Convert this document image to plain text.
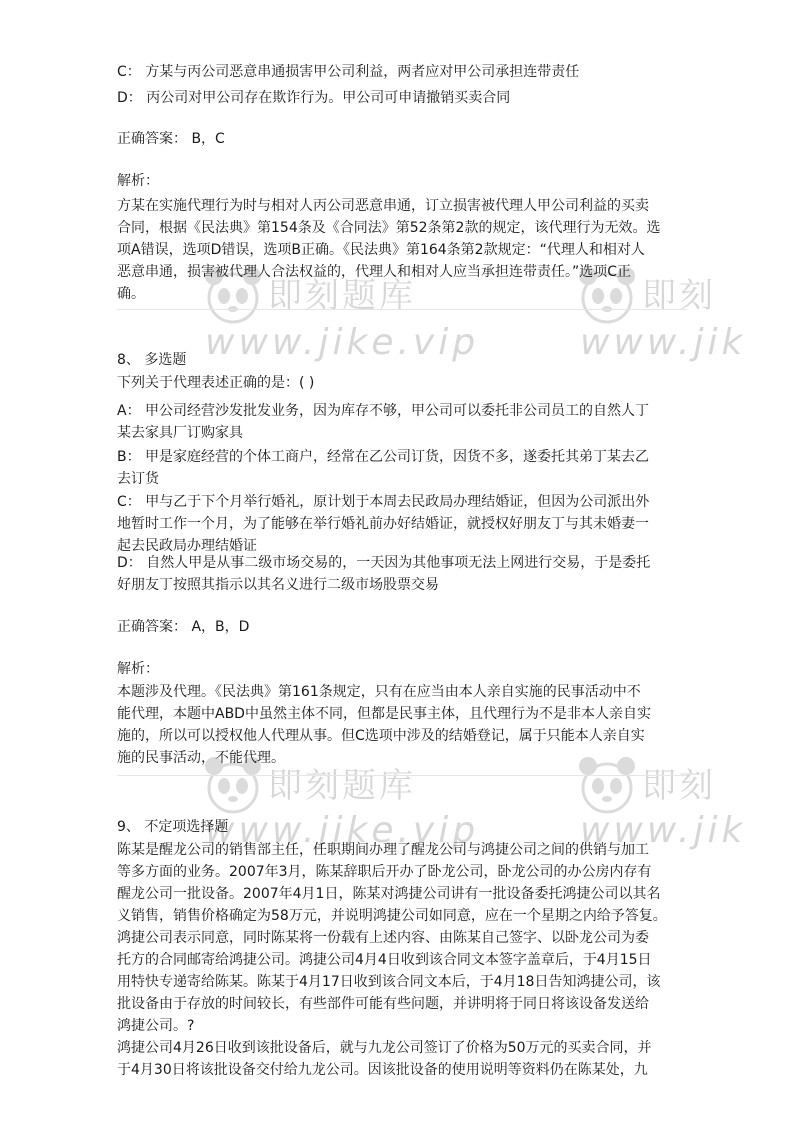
即刻题库
www.jike.vip
即刻
www.jik
即刻题库
www.jike.vip
即刻
www.jik
C： 方某与丙公司恶意串通损害甲公司利益，两者应对甲公司承担连带责任
D： 丙公司对甲公司存在欺诈行为。甲公司可申请撤销买卖合同
正确答案： B，C
解析：
方某在实施代理行为时与相对人丙公司恶意串通，订立损害被代理人甲公司利益的买卖
合同，根据《民法典》第154条及《合同法》第52条第2款的规定，该代理行为无效。选
项A错误，选项D错误，选项B正确。《民法典》第164条第2款规定：“代理人和相对人
恶意串通，损害被代理人合法权益的，代理人和相对人应当承担连带责任。”选项C正
确。
8、 多选题
下列关于代理表述正确的是：( )
A： 甲公司经营沙发批发业务，因为库存不够，甲公司可以委托非公司员工的自然人丁
某去家具厂订购家具
B： 甲是家庭经营的个体工商户，经常在乙公司订货，因货不多，遂委托其弟丁某去乙
去订货
C： 甲与乙于下个月举行婚礼，原计划于本周去民政局办理结婚证，但因为公司派出外
地暂时工作一个月，为了能够在举行婚礼前办好结婚证，就授权好朋友丁与其未婚妻一
起去民政局办理结婚证
D： 自然人甲是从事二级市场交易的，一天因为其他事项无法上网进行交易，于是委托
好朋友丁按照其指示以其名义进行二级市场股票交易
正确答案： A，B，D
解析：
本题涉及代理。《民法典》第161条规定，只有在应当由本人亲自实施的民事活动中不
能代理，本题中ABD中虽然主体不同，但都是民事主体，且代理行为不是非本人亲自实
施的，所以可以授权他人代理从事。但C选项中涉及的结婚登记，属于只能本人亲自实
施的民事活动，不能代理。
9、 不定项选择题
陈某是醒龙公司的销售部主任，任职期间办理了醒龙公司与鸿捷公司之间的供销与加工
等多方面的业务。2007年3月，陈某辞职后开办了卧龙公司，卧龙公司的办公房内存有
醒龙公司一批设备。2007年4月1日，陈某对鸿捷公司讲有一批设备委托鸿捷公司以其名
义销售，销售价格确定为58万元，并说明鸿捷公司如同意，应在一个星期之内给予答复。
鸿捷公司表示同意，同时陈某将一份载有上述内容、由陈某自己签字、以卧龙公司为委
托方的合同邮寄给鸿捷公司。鸿捷公司4月4日收到该合同文本签字盖章后，于4月15日
用特快专递寄给陈某。陈某于4月17日收到该合同文本后，于4月18日告知鸿捷公司，该
批设备由于存放的时间较长，有些部件可能有些问题，并讲明将于同日将该设备发送给
鸿捷公司。?
鸿捷公司4月26日收到该批设备后，就与九龙公司签订了价格为50万元的买卖合同，并
于4月30日将该批设备交付给九龙公司。因该批设备的使用说明等资料仍在陈某处，九
